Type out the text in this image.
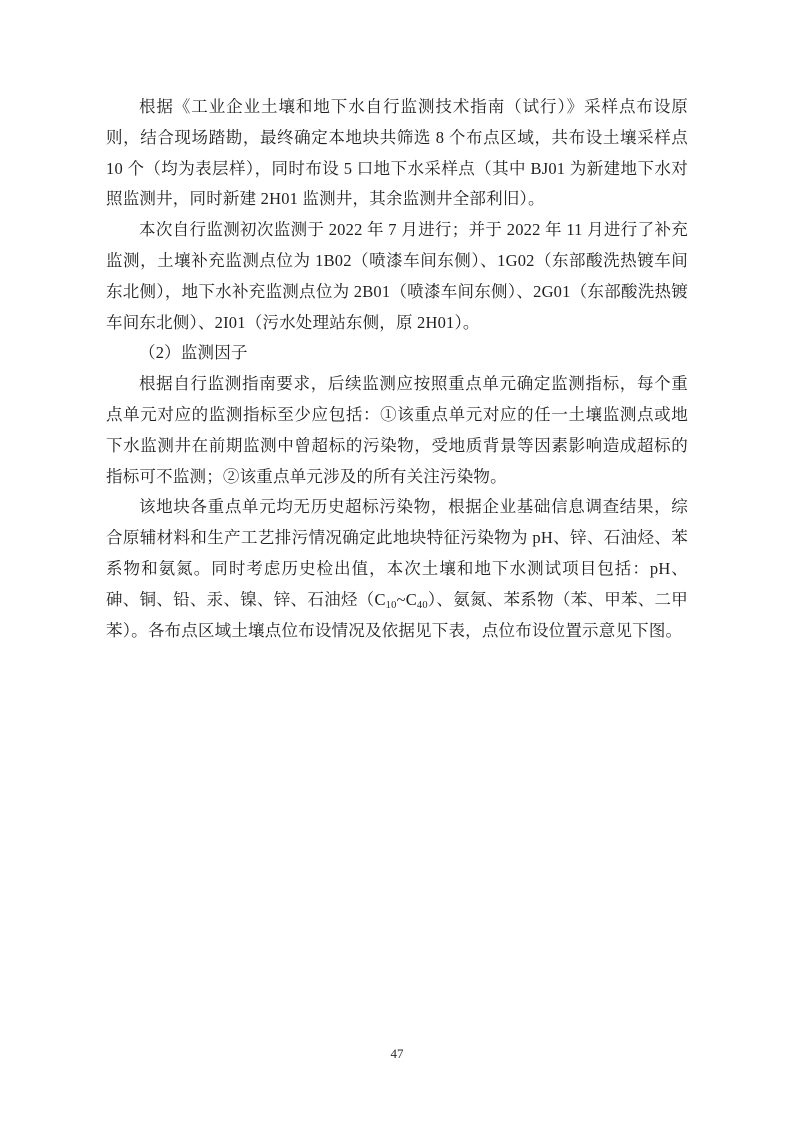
根据《工业企业土壤和地下水自行监测技术指南（试行）》采样点布设原则，结合现场踏勘，最终确定本地块共筛选 8 个布点区域，共布设土壤采样点 10 个（均为表层样），同时布设 5 口地下水采样点（其中 BJ01 为新建地下水对照监测井，同时新建 2H01 监测井，其余监测井全部利旧）。

本次自行监测初次监测于 2022 年 7 月进行；并于 2022 年 11 月进行了补充监测，土壤补充监测点位为 1B02（喷漆车间东侧）、1G02（东部酸洗热镀车间东北侧），地下水补充监测点位为 2B01（喷漆车间东侧）、2G01（东部酸洗热镀车间东北侧）、2I01（污水处理站东侧，原 2H01）。

（2）监测因子

根据自行监测指南要求，后续监测应按照重点单元确定监测指标，每个重点单元对应的监测指标至少应包括：①该重点单元对应的任一土壤监测点或地下水监测井在前期监测中曾超标的污染物，受地质背景等因素影响造成超标的指标可不监测；②该重点单元涉及的所有关注污染物。

该地块各重点单元均无历史超标污染物，根据企业基础信息调查结果，综合原辅材料和生产工艺排污情况确定此地块特征污染物为 pH、锌、石油烃、苯系物和氨氮。同时考虑历史检出值，本次土壤和地下水测试项目包括：pH、砷、铜、铅、汞、镍、锌、石油烃$(C_{10}\sim C_{40})$、氨氮、苯系物（苯、甲苯、二甲苯）。各布点区域土壤点位布设情况及依据见下表，点位布设位置示意见下图。

47
